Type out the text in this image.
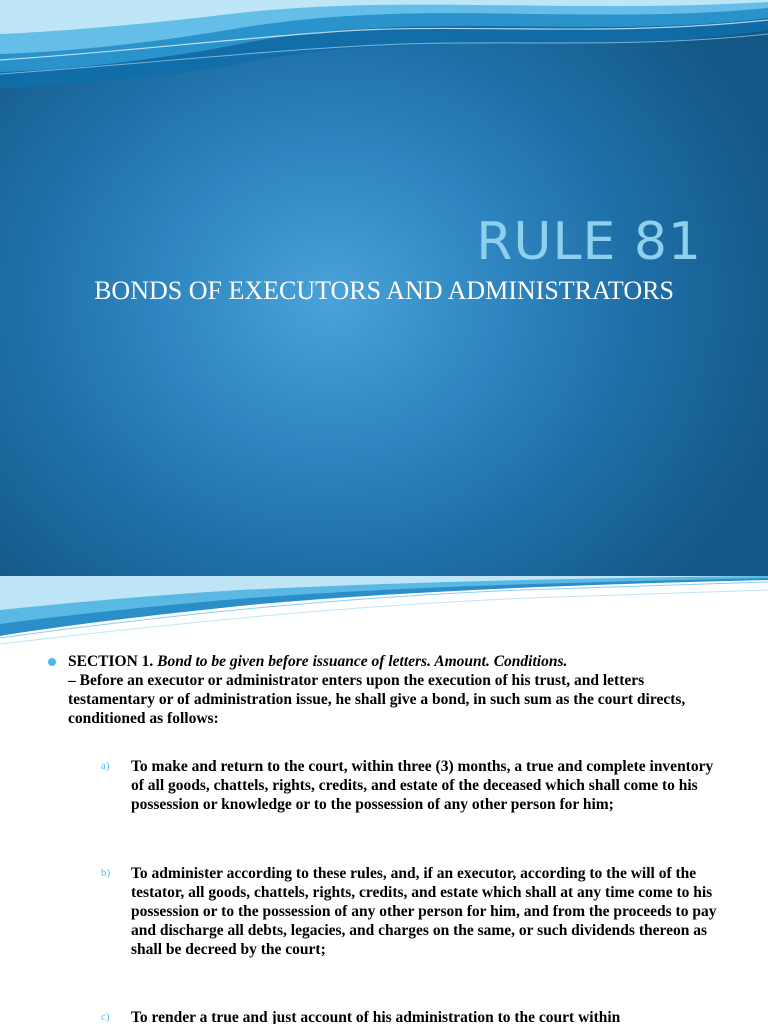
RULE 81
BONDS OF EXECUTORS AND ADMINISTRATORS
SECTION 1. Bond to be given before issuance of letters. Amount. Conditions.
– Before an executor or administrator enters upon the execution of his trust, and letters testamentary or of administration issue, he shall give a bond, in such sum as the court directs, conditioned as follows:
a) To make and return to the court, within three (3) months, a true and complete inventory of all goods, chattels, rights, credits, and estate of the deceased which shall come to his possession or knowledge or to the possession of any other person for him;
b) To administer according to these rules, and, if an executor, according to the will of the testator, all goods, chattels, rights, credits, and estate which shall at any time come to his possession or to the possession of any other person for him, and from the proceeds to pay and discharge all debts, legacies, and charges on the same, or such dividends thereon as shall be decreed by the court;
c) To render a true and just account of his administration to the court within
